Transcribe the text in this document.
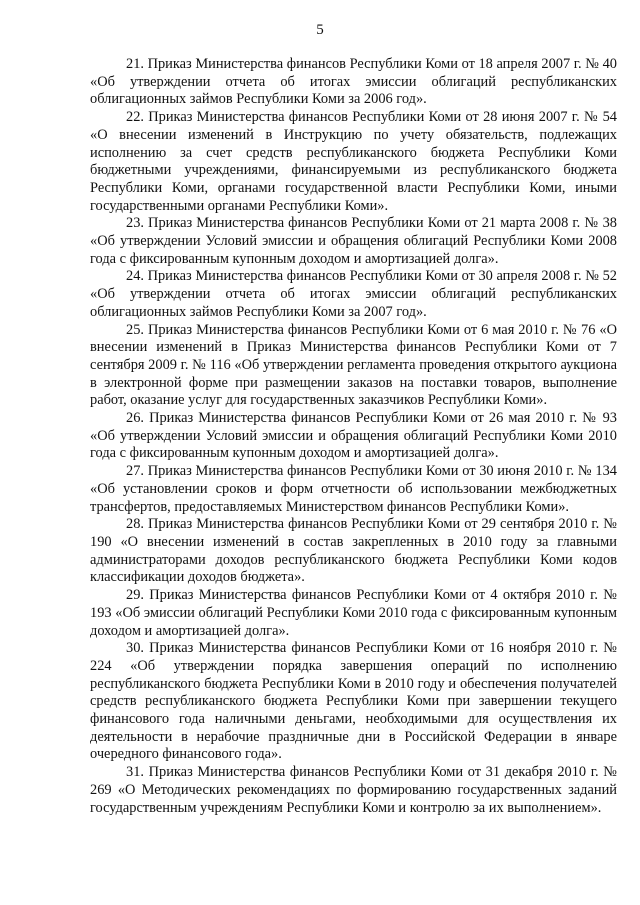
5

21. Приказ Министерства финансов Республики Коми от 18 апреля 2007 г. № 40 «Об утверждении отчета об итогах эмиссии облигаций республиканских облигационных займов Республики Коми за 2006 год».

22. Приказ Министерства финансов Республики Коми от 28 июня 2007 г. № 54 «О внесении изменений в Инструкцию по учету обязательств, подлежащих исполнению за счет средств республиканского бюджета Республики Коми бюджетными учреждениями, финансируемыми из республиканского бюджета Республики Коми, органами государственной власти Республики Коми, иными государственными органами Республики Коми».

23. Приказ Министерства финансов Республики Коми от 21 марта 2008 г. № 38 «Об утверждении Условий эмиссии и обращения облигаций Республики Коми 2008 года с фиксированным купонным доходом и амортизацией долга».

24. Приказ Министерства финансов Республики Коми от 30 апреля 2008 г. № 52 «Об утверждении отчета об итогах эмиссии облигаций республиканских облигационных займов Республики Коми за 2007 год».

25. Приказ Министерства финансов Республики Коми от 6 мая 2010 г. № 76 «О внесении изменений в Приказ Министерства финансов Республики Коми от 7 сентября 2009 г. № 116 «Об утверждении регламента проведения открытого аукциона в электронной форме при размещении заказов на поставки товаров, выполнение работ, оказание услуг для государственных заказчиков Республики Коми».

26. Приказ Министерства финансов Республики Коми от 26 мая 2010 г. № 93 «Об утверждении Условий эмиссии и обращения облигаций Республики Коми 2010 года с фиксированным купонным доходом и амортизацией долга».

27. Приказ Министерства финансов Республики Коми от 30 июня 2010 г. № 134 «Об установлении сроков и форм отчетности об использовании межбюджетных трансфертов, предоставляемых Министерством финансов Республики Коми».

28. Приказ Министерства финансов Республики Коми от 29 сентября 2010 г. № 190 «О внесении изменений в состав закрепленных в 2010 году за главными администраторами доходов республиканского бюджета Республики Коми кодов классификации доходов бюджета».

29. Приказ Министерства финансов Республики Коми от 4 октября 2010 г. № 193 «Об эмиссии облигаций Республики Коми 2010 года с фиксированным купонным доходом и амортизацией долга».

30. Приказ Министерства финансов Республики Коми от 16 ноября 2010 г. № 224 «Об утверждении порядка завершения операций по исполнению республиканского бюджета Республики Коми в 2010 году и обеспечения получателей средств республиканского бюджета Республики Коми при завершении текущего финансового года наличными деньгами, необходимыми для осуществления их деятельности в нерабочие праздничные дни в Российской Федерации в январе очередного финансового года».

31. Приказ Министерства финансов Республики Коми от 31 декабря 2010 г. № 269 «О Методических рекомендациях по формированию государственных заданий государственным учреждениям Республики Коми и контролю за их выполнением».
